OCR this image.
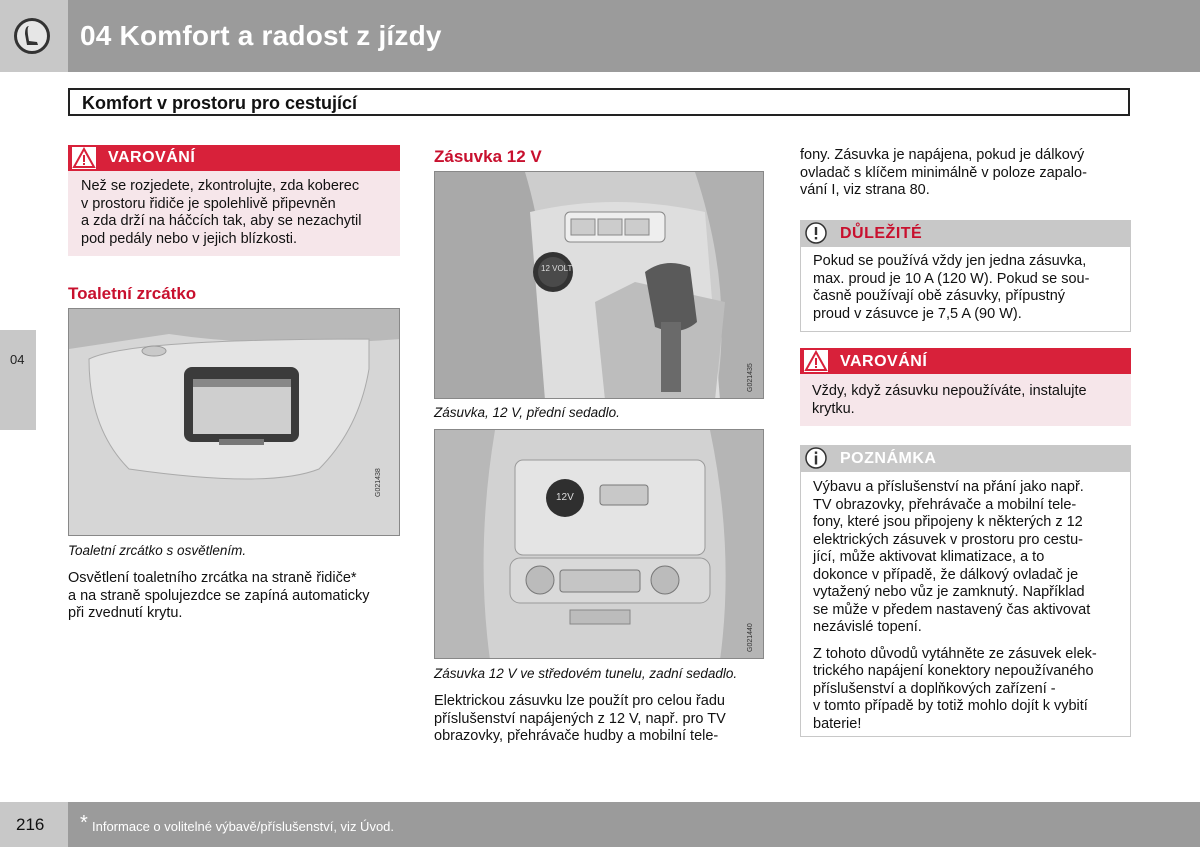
04 Komfort a radost z jízdy
Komfort v prostoru pro cestující
04
VAROVÁNÍ
Než se rozjedete, zkontrolujte, zda koberec
v prostoru řidiče je spolehlivě připevněn
a zda drží na háčcích tak, aby se nezachytil
pod pedály nebo v jejich blízkosti.
Toaletní zrcátko
G021438
Toaletní zrcátko s osvětlením.
Osvětlení toaletního zrcátka na straně řidiče*
a na straně spolujezdce se zapíná automaticky
při zvednutí krytu.
Zásuvka 12 V
12 VOLT
G021435
Zásuvka, 12 V, přední sedadlo.
12V
G021440
Zásuvka 12 V ve středovém tunelu, zadní sedadlo.
Elektrickou zásuvku lze použít pro celou řadu
příslušenství napájených z 12 V, např. pro TV
obrazovky, přehrávače hudby a mobilní tele-
fony. Zásuvka je napájena, pokud je dálkový
ovladač s klíčem minimálně v poloze zapalo-
vání I, viz strana 80.
DŮLEŽITÉ
Pokud se používá vždy jen jedna zásuvka,
max. proud je 10 A (120 W). Pokud se sou-
časně používají obě zásuvky, přípustný
proud v zásuvce je 7,5 A (90 W).
VAROVÁNÍ
Vždy, když zásuvku nepoužíváte, instalujte
krytku.
POZNÁMKA
Výbavu a příslušenství na přání jako např.
TV obrazovky, přehrávače a mobilní tele-
fony, které jsou připojeny k některých z 12
elektrických zásuvek v prostoru pro cestu-
jící, může aktivovat klimatizace, a to
dokonce v případě, že dálkový ovladač je
vytažený nebo vůz je zamknutý. Například
se může v předem nastavený čas aktivovat
nezávislé topení.
Z tohoto důvodů vytáhněte ze zásuvek elek-
trického napájení konektory nepoužívaného
příslušenství a doplňkových zařízení -
v tomto případě by totiž mohlo dojít k vybití
baterie!
216 * Informace o volitelné výbavě/příslušenství, viz Úvod.
